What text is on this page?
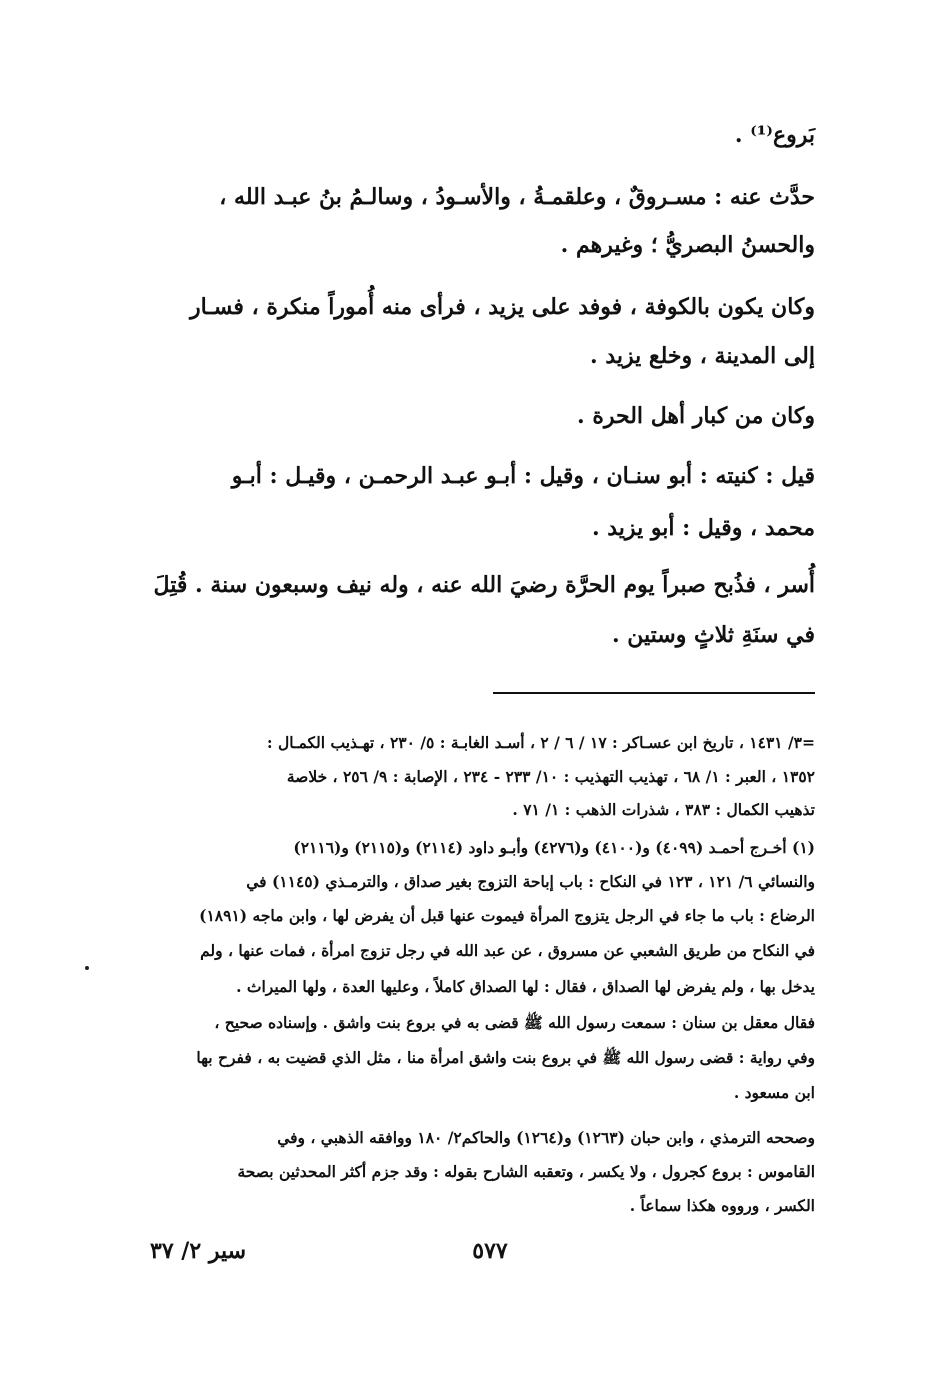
بَروع⁽¹⁾ .
حدَّث عنه : مسـروقٌ ، وعلقمـةُ ، والأسـودُ ، وسالـمُ بنُ عبـد الله ،
والحسنُ البصريُّ ؛ وغيرهم .
وكان يكون بالكوفة ، فوفد على يزيد ، فرأى منه أُموراً منكرة ، فسـار
إلى المدينة ، وخلع يزيد .
وكان من كبار أهل الحرة .
قيل : كنيته : أبو سنـان ، وقيل : أبـو عبـد الرحمـن ، وقيـل : أبـو
محمد ، وقيل : أبو يزيد .
أُسر ، فذُبح صبراً يوم الحرَّة رضيَ الله عنه ، وله نيف وسبعون سنة . قُتِلَ
في سنَةِ ثلاثٍ وستين .
=٣/ ١٤٣١ ، تاريخ ابن عسـاكر : ١٧ / ٦ / ٢ ، أسـد الغابـة : ٥/ ٢٣٠ ، تهـذيب الكمـال :
١٣٥٢ ، العبر : ١/ ٦٨ ، تهذيب التهذيب : ١٠/ ٢٣٣ - ٢٣٤ ، الإصابة : ٩/ ٢٥٦ ، خلاصة
تذهيب الكمال : ٣٨٣ ، شذرات الذهب : ١/ ٧١ .
(١) أخـرج أحمـد (٤٠٩٩) و(٤١٠٠) و(٤٢٧٦) وأبـو داود (٢١١٤) و(٢١١٥) و(٢١١٦)
والنسائي ٦/ ١٢١ ، ١٢٣ في النكاح : باب إباحة التزوج بغير صداق ، والترمـذي (١١٤٥) في
الرضاع : باب ما جاء في الرجل يتزوج المرأة فيموت عنها قبل أن يفرض لها ، وابن ماجه (١٨٩١)
في النكاح من طريق الشعبي عن مسروق ، عن عبد الله في رجل تزوج امرأة ، فمات عنها ، ولم
يدخل بها ، ولم يفرض لها الصداق ، فقال : لها الصداق كاملاً ، وعليها العدة ، ولها الميراث .
فقال معقل بن سنان : سمعت رسول الله ﷺ قضى به في بروع بنت واشق . وإسناده صحيح ،
وفي رواية : قضى رسول الله ﷺ في بروع بنت واشق امرأة منا ، مثل الذي قضيت به ، ففرح بها
ابن مسعود .
وصححه الترمذي ، وابن حبان (١٢٦٣) و(١٢٦٤) والحاكم٢/ ١٨٠ ووافقه الذهبي ، وفي
القاموس : بروع كجرول ، ولا يكسر ، وتعقبه الشارح بقوله : وقد جزم أكثر المحدثين بصحة
الكسر ، ورووه هكذا سماعاً .
٥٧٧
سير ٢/ ٣٧
